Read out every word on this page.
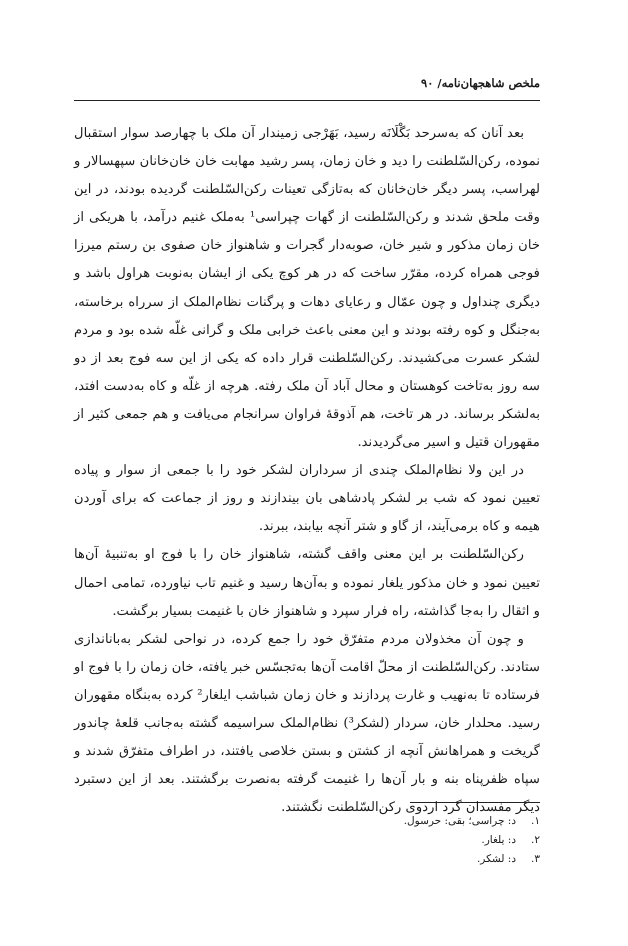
ملخص شاهجهان‌نامه/ ۹۰

بعد آنان که به‌سرحد بَگْلَانَه رسید، بَهَرْجی زمیندار آن ملک با چهارصد سوار استقبال نموده، رکن‌السّلطنت را دید و خان زمان، پسر رشید مهابت خان خان‌خانان سپهسالار و لهراسب، پسر دیگر خان‌خانان که به‌تازگی تعینات رکن‌السّلطنت گردیده بودند، در این وقت ملحق شدند و رکن‌السّلطنت از گهات چپراسی¹ به‌ملک غنیم درآمد، با هریکی از خان زمان مذکور و شیر خان، صوبه‌دار گجرات و شاهنواز خان صفوی بن رستم میرزا فوجی همراه کرده، مقرّر ساخت که در هر کوچ یکی از ایشان به‌نوبت هراول باشد و دیگری چنداول و چون عمّال و رعایای دهات و پرگنات نظام‌الملک از سرراه برخاسته، به‌جنگل و کوه رفته بودند و این معنی باعث خرابی ملک و گرانی غلّه شده بود و مردم لشکر عسرت می‌کشیدند. رکن‌السّلطنت قرار داده که یکی از این سه فوج بعد از دو سه روز به‌تاخت کوهستان و محال آباد آن ملک رفته. هرچه از غلّه و کاه به‌دست افتد، به‌لشکر برساند. در هر تاخت، هم آذوقهٔ فراوان سرانجام می‌یافت و هم جمعی کثیر از مقهوران قتیل و اسیر می‌گردیدند.

در این ولا نظام‌الملک چندی از سرداران لشکر خود را با جمعی از سوار و پیاده تعیین نمود که شب بر لشکر پادشاهی بان بیندازند و روز از جماعت که برای آوردن هیمه و کاه برمی‌آیند، از گاو و شتر آنچه بیابند، ببرند.

رکن‌السّلطنت بر این معنی واقف گشته، شاهنواز خان را با فوج او به‌تنبیهٔ آن‌ها تعیین نمود و خان مذکور یلغار نموده و به‌آن‌ها رسید و غنیم تاب نیاورده، تمامی احمال و اثقال را به‌جا گذاشته، راه فرار سپرد و شاهنواز خان با غنیمت بسیار برگشت.

و چون آن مخذولان مردم متفرّق خود را جمع کرده، در نواحی لشکر به‌باناندازی ستادند. رکن‌السّلطنت از محلّ اقامت آن‌ها به‌تجسّس خبر یافته، خان زمان را با فوج او فرستاده تا به‌نهیب و غارت پردازند و خان زمان شباشب ایلغار² کرده به‌بنگاه مقهوران رسید. محلدار خان، سردار (لشکر³) نظام‌الملک سراسیمه گشته به‌جانب قلعهٔ چاندور گریخت و همراهانش آنچه از کشتن و بستن خلاصی یافتند، در اطراف متفرّق شدند و سپاه ظفرپناه بنه و بار آن‌ها را غنیمت گرفته به‌نصرت برگشتند. بعد از این دستبرد دیگر مفسدان گرد اردوی رکن‌السّلطنت نگشتند.

۱.د: چراسی؛ بقی: حرسول.
۲.د: یلغار.
۳.د: لشکر.
